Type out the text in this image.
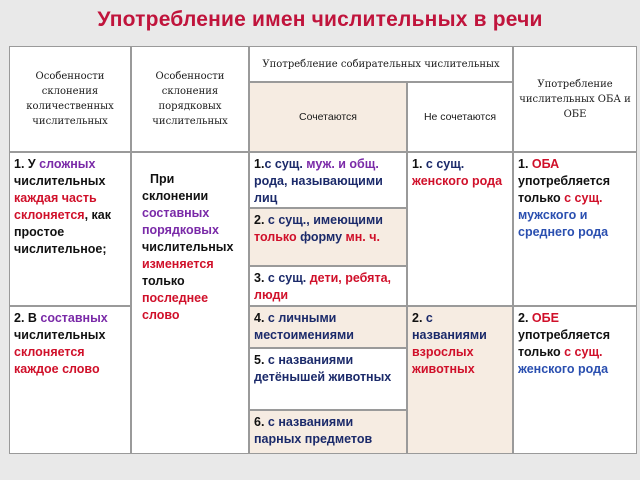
Употребление имен числительных в речи
Особенности склонения количественных числительных
Особенности склонения порядковых числительных
Употребление собирательных числительных
Сочетаются	Не сочетаются
Употребление числительных ОБА и ОБЕ
1. У сложных числительных каждая часть склоняется, как простое числительное;
2. В составных числительных склоняется каждое слово
При
склонении составных порядковых числительных изменяется только последнее слово
1.с сущ. муж. и общ. рода, называющими лиц
2. с сущ., имеющими только форму мн. ч.
3. с сущ. дети, ребята, люди
4. с личными местоимениями
5. с названиями детёнышей животных
6. с названиями парных предметов
1. с сущ. женского рода
2. с названиями взрослых животных
1. ОБА употребляется только с сущ. мужского и среднего рода
2. ОБЕ употребляется только с сущ. женского рода
